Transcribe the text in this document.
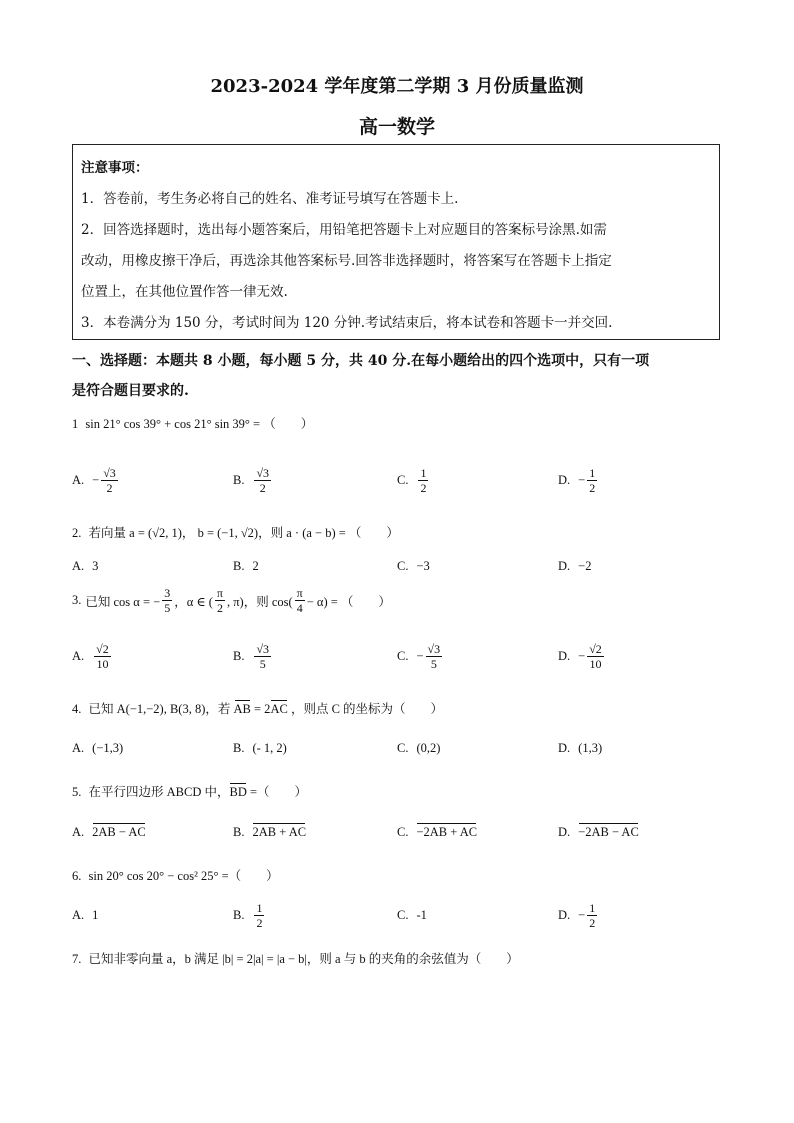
2023-2024 学年度第二学期 3 月份质量监测
高一数学
注意事项：
1．答卷前，考生务必将自己的姓名、准考证号填写在答题卡上.
2．回答选择题时，选出每小题答案后，用铅笔把答题卡上对应题目的答案标号涂黑.如需
改动，用橡皮擦干净后，再选涂其他答案标号.回答非选择题时，将答案写在答题卡上指定
位置上，在其他位置作答一律无效.
3．本卷满分为 150 分，考试时间为 120 分钟.考试结束后，将本试卷和答题卡一并交回.
一、选择题：本题共 8 小题，每小题 5 分，共 40 分.在每小题给出的四个选项中，只有一项
是符合题目要求的.
1 sin 21° cos 39° + cos 21° sin 39° = （　　）
A. − $\frac{√3}{2}$	B. $\frac{√3}{2}$	C. $\frac{1}{2}$	D. − $\frac{1}{2}$
2. 若向量 a = (√2, 1)， b = (−1, √2)，则 a · (a − b) = （　　）
A. 3	B. 2	C. −3	D. −2
3. 已知 cos α = − $\frac{3}{5}$ ，α ∈ ( $\frac{\pi}{2}$ , π)，则 $\cos( \frac{\pi}{4} - \alpha)$ = （　　）
A. $\frac{√2}{10}$	B. $\frac{√3}{5}$	C. − $\frac{√3}{5}$	D. − $\frac{√2}{10}$
4. 已知 A(−1,−2), B(3, 8)，若 AB = 2AC ，则点 C 的坐标为（　　）
A. (−1,3)	B. (- 1, 2)	C. (0,2)	D. (1,3)
5. 在平行四边形 ABCD 中，BD =（　　）
A. 2AB − AC	B. 2AB + AC	C. −2AB + AC	D. −2AB − AC
6. sin 20° cos 20° − cos² 25° =（　　）
A. 1	B. $\frac{1}{2}$	C. -1	D. − $\frac{1}{2}$
7. 已知非零向量 a，b 满足 |b| = 2|a| = |a − b|，则 a 与 b 的夹角的余弦值为（　　）
